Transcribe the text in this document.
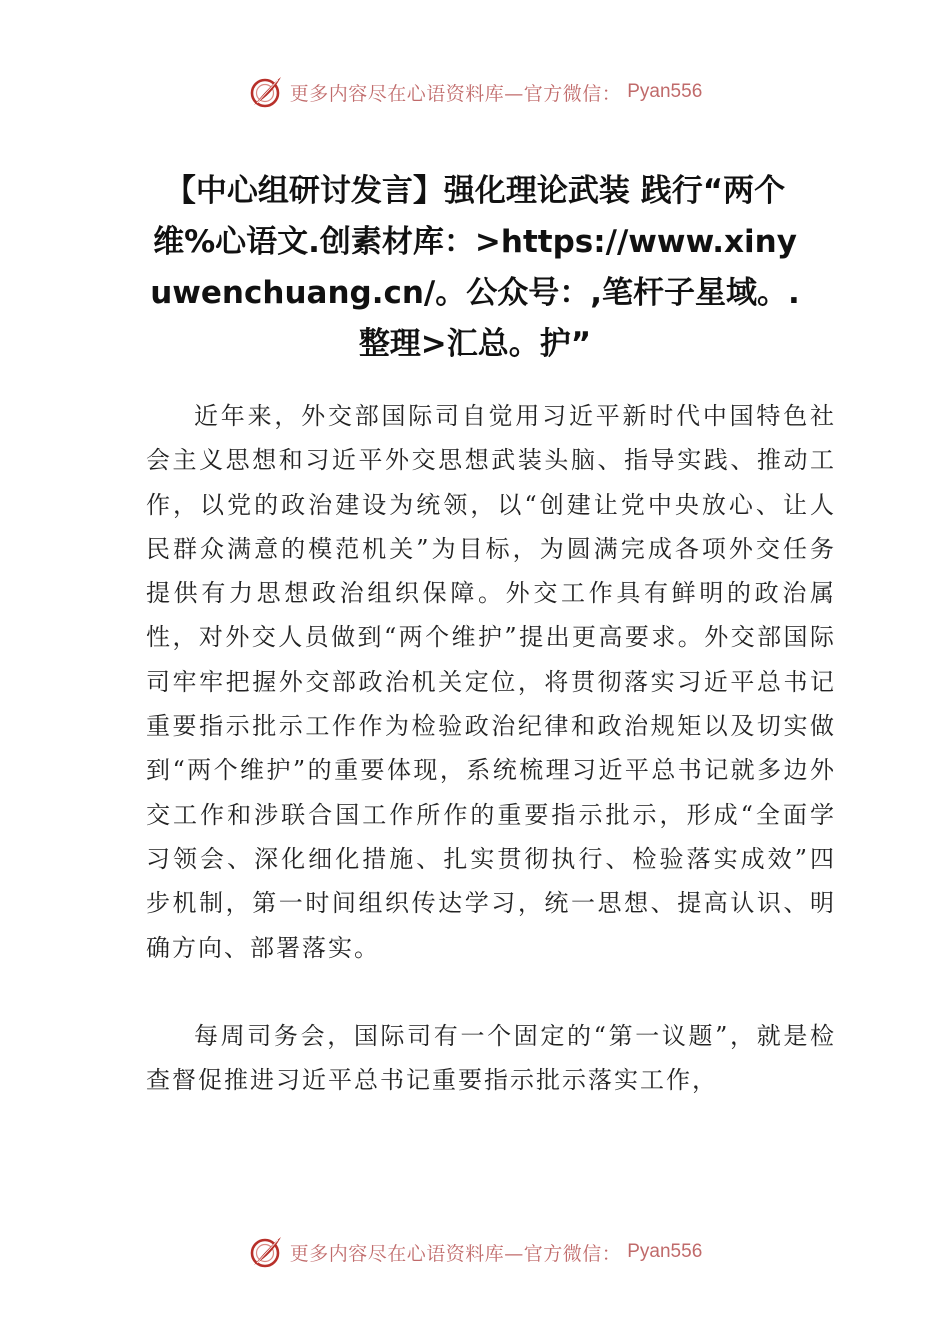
更多内容尽在心语资料库—官方微信： Pyan556
【中心组研讨发言】强化理论武装 践行“两个维%心语文.创素材库：>https://www.xinyuwenchuang.cn/。公众号：,笔杆子星域。.整理>汇总。护”

近年来，外交部国际司自觉用习近平新时代中国特色社会主义思想和习近平外交思想武装头脑、指导实践、推动工作，以党的政治建设为统领，以“创建让党中央放心、让人民群众满意的模范机关”为目标，为圆满完成各项外交任务提供有力思想政治组织保障。外交工作具有鲜明的政治属性，对外交人员做到“两个维护”提出更高要求。外交部国际司牢牢把握外交部政治机关定位，将贯彻落实习近平总书记重要指示批示工作作为检验政治纪律和政治规矩以及切实做到“两个维护”的重要体现，系统梳理习近平总书记就多边外交工作和涉联合国工作所作的重要指示批示，形成“全面学习领会、深化细化措施、扎实贯彻执行、检验落实成效”四步机制，第一时间组织传达学习，统一思想、提高认识、明确方向、部署落实。

每周司务会，国际司有一个固定的“第一议题”，就是检查督促推进习近平总书记重要指示批示落实工作，

更多内容尽在心语资料库—官方微信： Pyan556
